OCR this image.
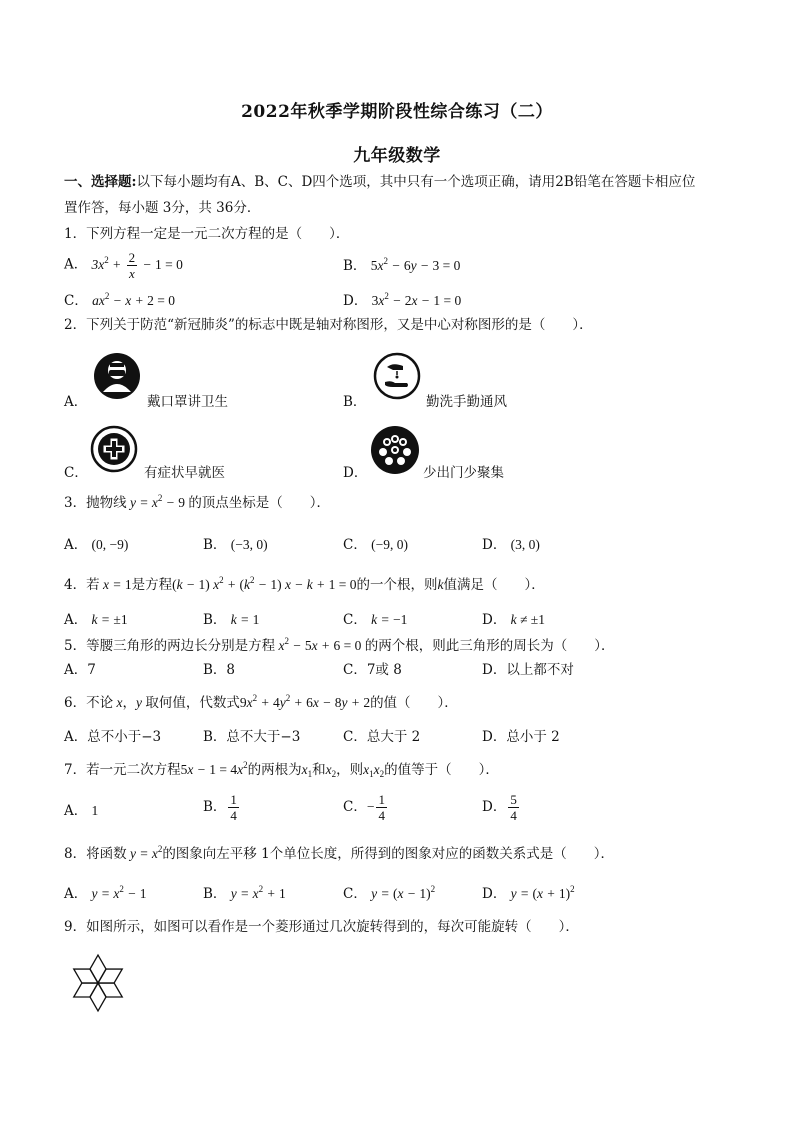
2022年秋季学期阶段性综合练习（二）
九年级数学
一、选择题:以下每小题均有A、B、C、D四个选项，其中只有一个选项正确，请用2B铅笔在答题卡相应位
置作答，每小题 3分，共 36分．
1．下列方程一定是一元二次方程的是（　　）．
A． $3x^2 + \frac{2}{x} - 1 = 0$	B． $5x^2 - 6y - 3 = 0$
C． $ax^2 - x + 2 = 0$	D． $3x^2 - 2x - 1 = 0$
2．下列关于防范“新冠肺炎”的标志中既是轴对称图形，又是中心对称图形的是（　　）．
A．	戴口罩讲卫生	B．	勤洗手勤通风
C．	有症状早就医	D．	少出门少聚集
3．抛物线 $y = x^2 - 9$ 的顶点坐标是（　　）．
A． (0, −9)	B． (−3, 0)	C． (−9, 0)	D． (3, 0)
4．若 x = 1是方程(k − 1) $x^2 + (k^2 - 1) x - k + 1 = 0$的一个根，则k值满足（　　）．
A． k = ±1	B． k = 1	C． k = −1	D． k ≠ ±1
5．等腰三角形的两边长分别是方程 $x^2 - 5x + 6 = 0$ 的两个根，则此三角形的周长为（　　）．
A．7	B．8	C．7或 8	D．以上都不对
6．不论 x，y 取何值，代数式$9x^2 + 4y^2 + 6x - 8y + 2$的值（　　）．
A．总不小于−3	B．总不大于−3	C．总大于 2	D．总小于 2
7．若一元二次方程$5x - 1 = 4x^2$的两根为$x_1$和$x_2$，则$x_1x_2$的值等于（　　）．
A． 1	B． $\frac{1}{4}$	C．− $\frac{1}{4}$	D． $\frac{5}{4}$
8．将函数 $y = x^2$的图象向左平移 1个单位长度，所得到的图象对应的函数关系式是（　　）．
A． $y = x^2 - 1$	B． $y = x^2 + 1$	C． $y = (x - 1)^2$	D． $y = (x + 1)^2$
9．如图所示，如图可以看作是一个菱形通过几次旋转得到的，每次可能旋转（　　）．
